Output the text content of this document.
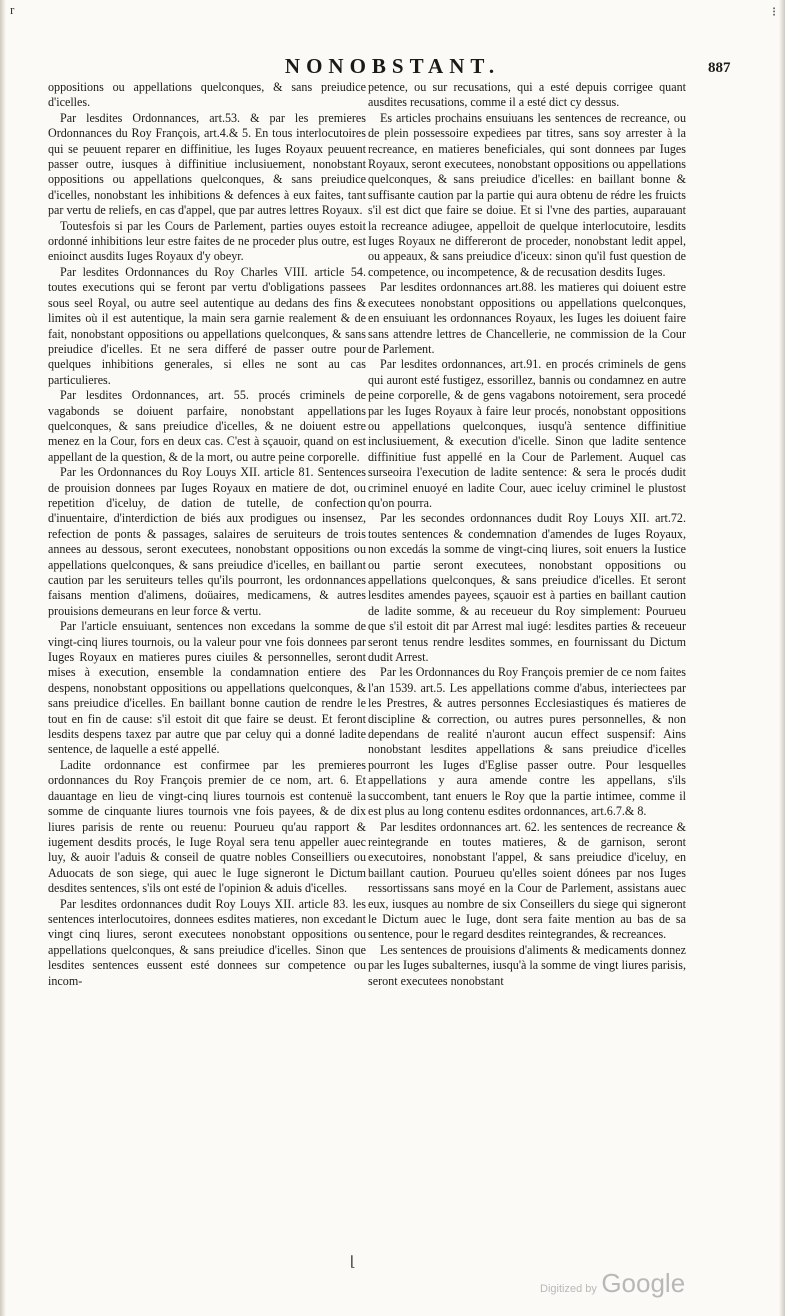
r	⁝
NONOBSTANT.	887

oppositions ou appellations quelconques, & sans preiudice d'icelles.

Par lesdites Ordonnances, art.53. & par les premieres Ordonnances du Roy François, art.4.& 5. En tous interlocutoires qui se peuuent reparer en diffinitiue, les Iuges Royaux peuuent passer outre, iusques à diffinitiue inclusiuement, nonobstant oppositions ou appellations quelconques, & sans preiudice d'icelles, nonobstant les inhibitions & defences à eux faites, tant par vertu de reliefs, en cas d'appel, que par autres lettres Royaux.

Toutesfois si par les Cours de Parlement, parties ouyes estoit ordonné inhibitions leur estre faites de ne proceder plus outre, est enioinct ausdits Iuges Royaux d'y obeyr.

Par lesdites Ordonnances du Roy Charles VIII. article 54. toutes executions qui se feront par vertu d'obligations passees sous seel Royal, ou autre seel autentique au dedans des fins & limites où il est autentique, la main sera garnie realement & de fait, nonobstant oppositions ou appellations quelconques, & sans preiudice d'icelles. Et ne sera differé de passer outre pour quelques inhibitions generales, si elles ne sont au cas particulieres.

Par lesdites Ordonnances, art. 55. procés criminels de vagabonds se doiuent parfaire, nonobstant appellations quelconques, & sans preiudice d'icelles, & ne doiuent estre menez en la Cour, fors en deux cas. C'est à sçauoir, quand on est appellant de la question, & de la mort, ou autre peine corporelle.

Par les Ordonnances du Roy Louys XII. article 81. Sentences de prouision donnees par Iuges Royaux en matiere de dot, ou repetition d'iceluy, de dation de tutelle, de confection d'inuentaire, d'interdiction de biés aux prodigues ou insensez, refection de ponts & passages, salaires de seruiteurs de trois annees au dessous, seront executees, nonobstant oppositions ou appellations quelconques, & sans preiudice d'icelles, en baillant caution par les seruiteurs telles qu'ils pourront, les ordonnances faisans mention d'alimens, doüaires, medicamens, & autres prouisions demeurans en leur force & vertu.

Par l'article ensuiuant, sentences non excedans la somme de vingt-cinq liures tournois, ou la valeur pour vne fois donnees par Iuges Royaux en matieres pures ciuiles & personnelles, seront mises à execution, ensemble la condamnation entiere des despens, nonobstant oppositions ou appellations quelconques, & sans preiudice d'icelles. En baillant bonne caution de rendre le tout en fin de cause: s'il estoit dit que faire se deust. Et feront lesdits despens taxez par autre que par celuy qui a donné ladite sentence, de laquelle a esté appellé.

Ladite ordonnance est confirmee par les premieres ordonnances du Roy François premier de ce nom, art. 6. Et dauantage en lieu de vingt-cinq liures tournois est contenuë la somme de cinquante liures tournois vne fois payees, & de dix liures parisis de rente ou reuenu: Pourueu qu'au rapport & iugement desdits procés, le Iuge Royal sera tenu appeller auec luy, & auoir l'aduis & conseil de quatre nobles Conseilliers ou Aduocats de son siege, qui auec le Iuge signeront le Dictum desdites sentences, s'ils ont esté de l'opinion & aduis d'icelles.

Par lesdites ordonnances dudit Roy Louys XII. article 83. les sentences interlocutoires, donnees esdites matieres, non excedant vingt cinq liures, seront executees nonobstant oppositions ou appellations quelconques, & sans preiudice d'icelles. Sinon que lesdites sentences eussent esté donnees sur competence ou incom-

petence, ou sur recusations, qui a esté depuis corrigee quant ausdites recusations, comme il a esté dict cy dessus.

Es articles prochains ensuiuans les sentences de recreance, ou de plein possessoire expediees par titres, sans soy arrester à la recreance, en matieres beneficiales, qui sont donnees par Iuges Royaux, seront executees, nonobstant oppositions ou appellations quelconques, & sans preiudice d'icelles: en baillant bonne & suffisante caution par la partie qui aura obtenu de rédre les fruicts s'il est dict que faire se doiue. Et si l'vne des parties, auparauant la recreance adiugee, appelloit de quelque interlocutoire, lesdits Iuges Royaux ne differeront de proceder, nonobstant ledit appel, ou appeaux, & sans preiudice d'iceux: sinon qu'il fust question de competence, ou incompetence, & de recusation desdits Iuges.

Par lesdites ordonnances art.88. les matieres qui doiuent estre executees nonobstant oppositions ou appellations quelconques, en ensuiuant les ordonnances Royaux, les Iuges les doiuent faire sans attendre lettres de Chancellerie, ne commission de la Cour de Parlement.

Par lesdites ordonnances, art.91. en procés criminels de gens qui auront esté fustigez, essorillez, bannis ou condamnez en autre peine corporelle, & de gens vagabons notoirement, sera procedé par les Iuges Royaux à faire leur procés, nonobstant oppositions ou appellations quelconques, iusqu'à sentence diffinitiue inclusiuement, & execution d'icelle. Sinon que ladite sentence diffinitiue fust appellé en la Cour de Parlement. Auquel cas surseoira l'execution de ladite sentence: & sera le procés dudit criminel enuoyé en ladite Cour, auec iceluy criminel le plustost qu'on pourra.

Par les secondes ordonnances dudit Roy Louys XII. art.72. toutes sentences & condemnation d'amendes de Iuges Royaux, non excedás la somme de vingt-cinq liures, soit enuers la Iustice ou partie seront executees, nonobstant oppositions ou appellations quelconques, & sans preiudice d'icelles. Et seront lesdites amendes payees, sçauoir est à parties en baillant caution de ladite somme, & au receueur du Roy simplement: Pourueu que s'il estoit dit par Arrest mal iugé: lesdites parties & receueur seront tenus rendre lesdites sommes, en fournissant du Dictum dudit Arrest.

Par les Ordonnances du Roy François premier de ce nom faites l'an 1539. art.5. Les appellations comme d'abus, interiectees par les Prestres, & autres personnes Ecclesiastiques és matieres de discipline & correction, ou autres pures personnelles, & non dependans de realité n'auront aucun effect suspensif: Ains nonobstant lesdites appellations & sans preiudice d'icelles pourront les Iuges d'Eglise passer outre. Pour lesquelles appellations y aura amende contre les appellans, s'ils succombent, tant enuers le Roy que la partie intimee, comme il est plus au long contenu esdites ordonnances, art.6.7.& 8.

Par lesdites ordonnances art. 62. les sentences de recreance & reintegrande en toutes matieres, & de garnison, seront executoires, nonobstant l'appel, & sans preiudice d'iceluy, en baillant caution. Pourueu qu'elles soient dónees par nos Iuges ressortissans sans moyé en la Cour de Parlement, assistans auec eux, iusques au nombre de six Conseillers du siege qui signeront le Dictum auec le Iuge, dont sera faite mention au bas de sa sentence, pour le regard desdites reintegrandes, & recreances.

Les sentences de prouisions d'aliments & medicaments donnez par les Iuges subalternes, iusqu'à la somme de vingt liures parisis, seront executees nonobstant

⌊
Digitized by Google
